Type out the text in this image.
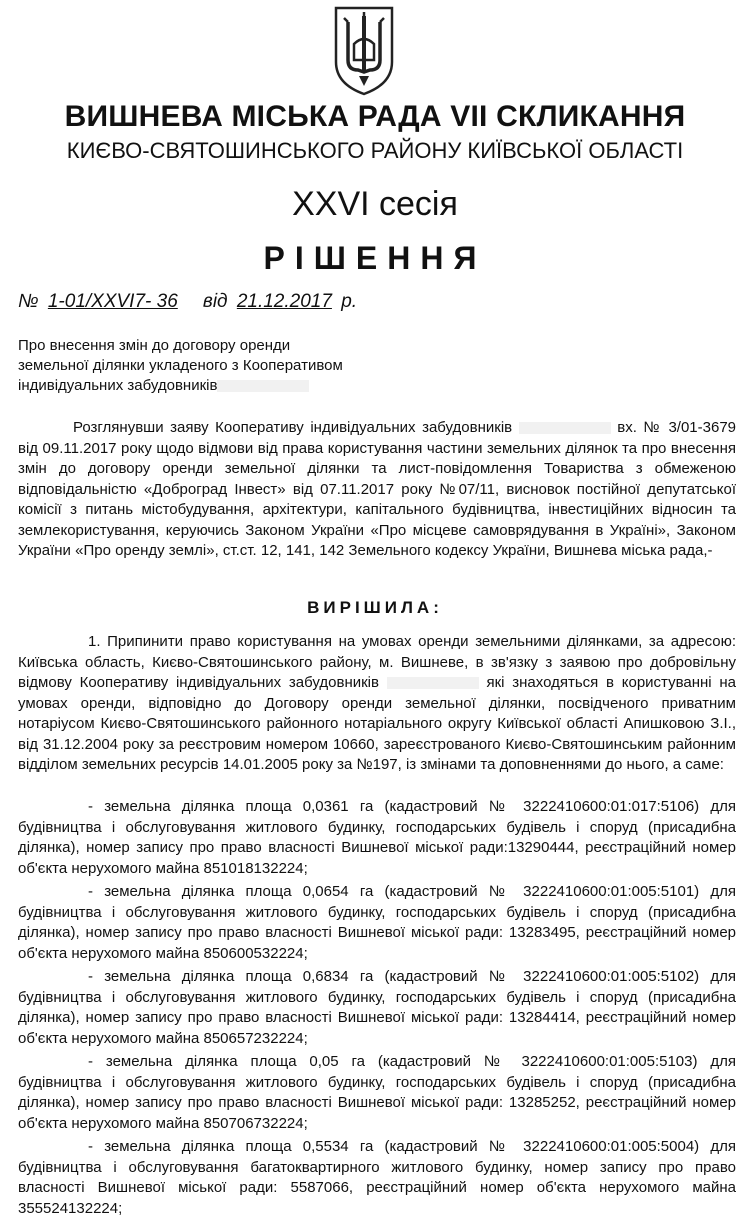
ВИШНЕВА МІСЬКА РАДА VII СКЛИКАННЯ
КИЄВО-СВЯТОШИНСЬКОГО РАЙОНУ КИЇВСЬКОЇ ОБЛАСТІ
XXVI сесія
РІШЕННЯ
№ 1-01/XXVI7- 36 від 21.12.2017 р.
Про внесення змін до договору оренди земельної ділянки укладеного з Кооперативом індивідуальних забудовників
Розглянувши заяву Кооперативу індивідуальних забудовників	вх. № 3/01-3679 від 09.11.2017 року щодо відмови від права користування частини земельних ділянок та про внесення змін до договору оренди земельної ділянки та лист-повідомлення Товариства з обмеженою відповідальністю «Доброград Інвест» від 07.11.2017 року №07/11, висновок постійної депутатської комісії з питань містобудування, архітектури, капітального будівництва, інвестиційних відносин та землекористування, керуючись Законом України «Про місцеве самоврядування в Україні», Законом України «Про оренду землі», ст.ст. 12, 141, 142 Земельного кодексу України, Вишнева міська рада,-
ВИРІШИЛА:
1. Припинити право користування на умовах оренди земельними ділянками, за адресою: Київська область, Києво-Святошинського району, м. Вишневе, в зв'язку з заявою про добровільну відмову Кооперативу індивідуальних забудовників	які знаходяться в користуванні на умовах оренди, відповідно до Договору оренди земельної ділянки, посвідченого приватним нотаріусом Києво-Святошинського районного нотаріального округу Київської області Апишковою З.І., від 31.12.2004 року за реєстровим номером 10660, зареєстрованого Києво-Святошинським районним відділом земельних ресурсів 14.01.2005 року за №197, із змінами та доповненнями до нього, а саме:

- земельна ділянка площа 0,0361 га (кадастровий № 3222410600:01:017:5106) для будівництва і обслуговування житлового будинку, господарських будівель і споруд (присадибна ділянка), номер запису про право власності Вишневої міської ради:13290444, реєстраційний номер об'єкта нерухомого майна 851018132224;

- земельна ділянка площа 0,0654 га (кадастровий № 3222410600:01:005:5101) для будівництва і обслуговування житлового будинку, господарських будівель і споруд (присадибна ділянка), номер запису про право власності Вишневої міської ради: 13283495, реєстраційний номер об'єкта нерухомого майна 850600532224;

- земельна ділянка площа 0,6834 га (кадастровий № 3222410600:01:005:5102) для будівництва і обслуговування житлового будинку, господарських будівель і споруд (присадибна ділянка), номер запису про право власності Вишневої міської ради: 13284414, реєстраційний номер об'єкта нерухомого майна 850657232224;

- земельна ділянка площа 0,05 га (кадастровий № 3222410600:01:005:5103) для будівництва і обслуговування житлового будинку, господарських будівель і споруд (присадибна ділянка), номер запису про право власності Вишневої міської ради: 13285252, реєстраційний номер об'єкта нерухомого майна 850706732224;

- земельна ділянка площа 0,5534 га (кадастровий № 3222410600:01:005:5004) для будівництва і обслуговування багатоквартирного житлового будинку, номер запису про право власності Вишневої міської ради: 5587066, реєстраційний номер об'єкта нерухомого майна 355524132224;
